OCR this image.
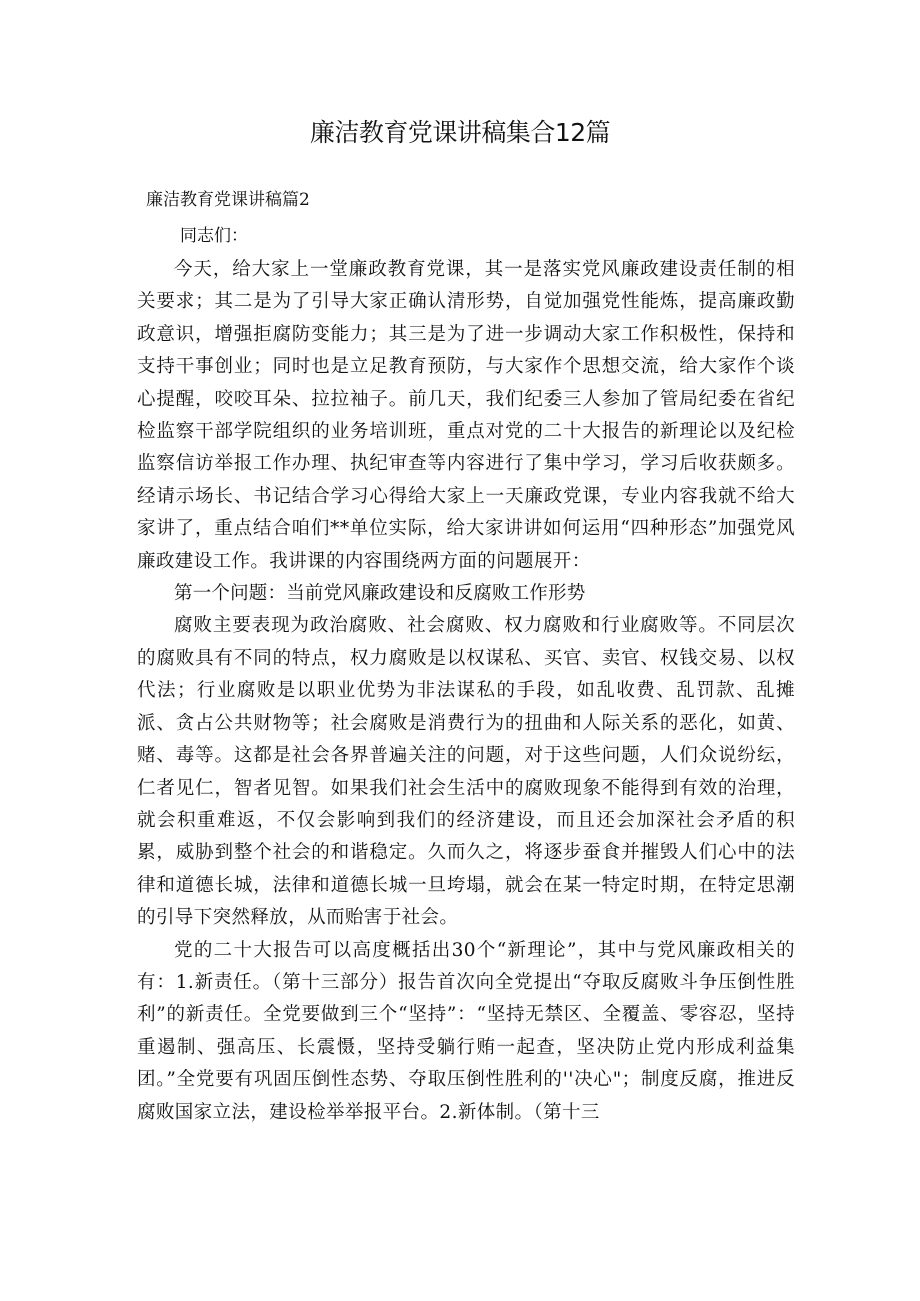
廉洁教育党课讲稿集合12篇
廉洁教育党课讲稿篇2
同志们：

今天，给大家上一堂廉政教育党课，其一是落实党风廉政建设责任制的相关要求；其二是为了引导大家正确认清形势，自觉加强党性能炼，提高廉政勤政意识，增强拒腐防变能力；其三是为了进一步调动大家工作积极性，保持和支持干事创业；同时也是立足教育预防，与大家作个思想交流，给大家作个谈心提醒，咬咬耳朵、拉拉袖子。前几天，我们纪委三人参加了管局纪委在省纪检监察干部学院组织的业务培训班，重点对党的二十大报告的新理论以及纪检监察信访举报工作办理、执纪审查等内容进行了集中学习，学习后收获颇多。经请示场长、书记结合学习心得给大家上一天廉政党课，专业内容我就不给大家讲了，重点结合咱们**单位实际，给大家讲讲如何运用“四种形态”加强党风廉政建设工作。我讲课的内容围绕两方面的问题展开：

第一个问题：当前党风廉政建设和反腐败工作形势

腐败主要表现为政治腐败、社会腐败、权力腐败和行业腐败等。不同层次的腐败具有不同的特点，权力腐败是以权谋私、买官、卖官、权钱交易、以权代法；行业腐败是以职业优势为非法谋私的手段，如乱收费、乱罚款、乱摊派、贪占公共财物等；社会腐败是消费行为的扭曲和人际关系的恶化，如黄、赌、毒等。这都是社会各界普遍关注的问题，对于这些问题，人们众说纷纭，仁者见仁，智者见智。如果我们社会生活中的腐败现象不能得到有效的治理，就会积重难返，不仅会影响到我们的经济建设，而且还会加深社会矛盾的积累，威胁到整个社会的和谐稳定。久而久之，将逐步蚕食并摧毁人们心中的法律和道德长城，法律和道德长城一旦垮塌，就会在某一特定时期，在特定思潮的引导下突然释放，从而贻害于社会。

党的二十大报告可以高度概括出30个“新理论”，其中与党风廉政相关的有：1.新责任。（第十三部分）报告首次向全党提出“夺取反腐败斗争压倒性胜利”的新责任。全党要做到三个“坚持”：“坚持无禁区、全覆盖、零容忍，坚持重遏制、强高压、长震慑，坚持受躺行贿一起查，坚决防止党内形成利益集团。”全党要有巩固压倒性态势、夺取压倒性胜利的''决心"；制度反腐，推进反腐败国家立法，建设检举举报平台。2.新体制。（第十三
